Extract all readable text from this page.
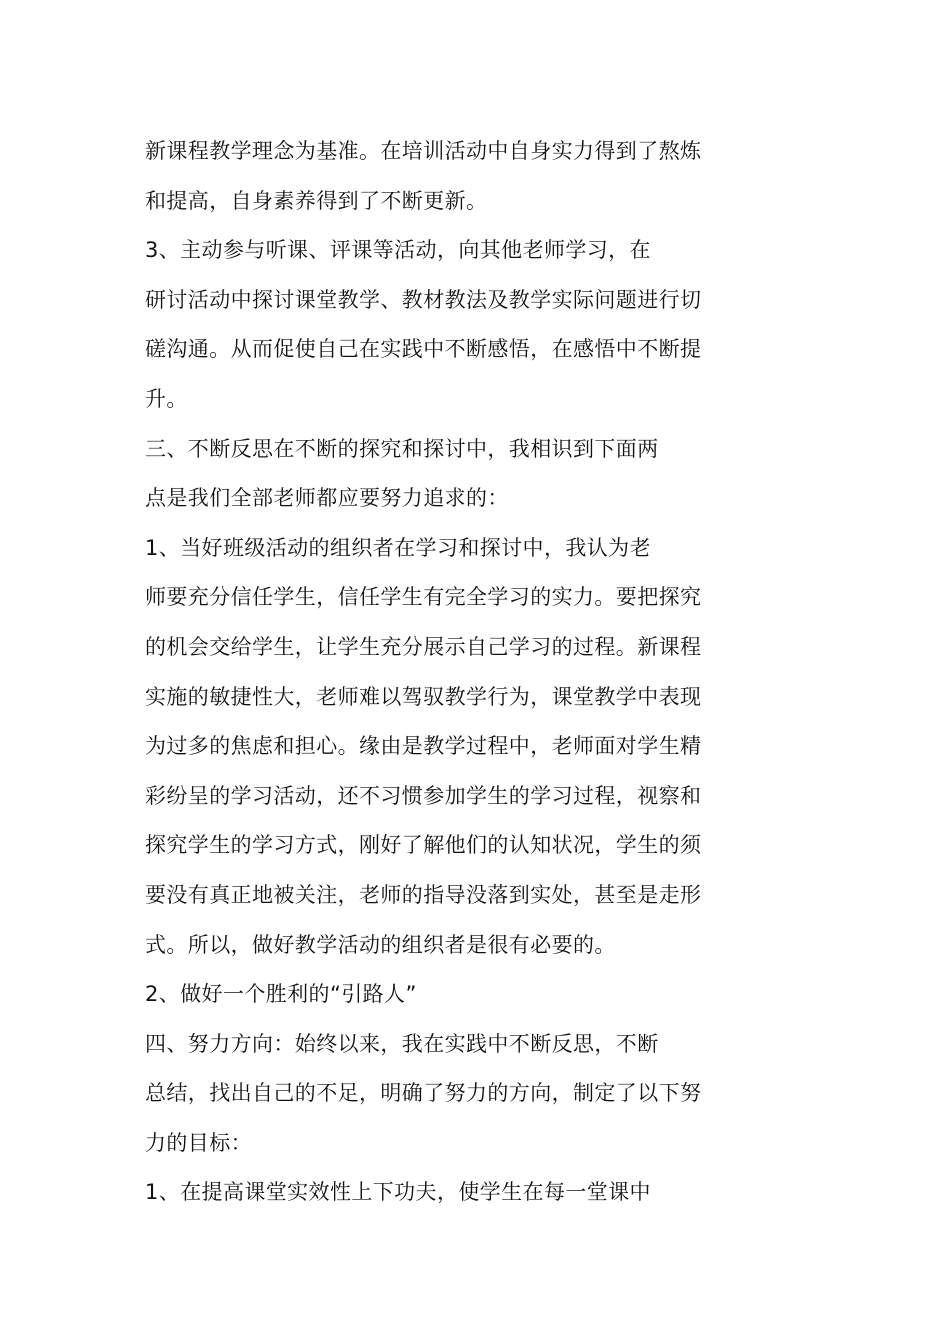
新课程教学理念为基准。在培训活动中自身实力得到了熬炼
和提高，自身素养得到了不断更新。
3、主动参与听课、评课等活动，向其他老师学习，在
研讨活动中探讨课堂教学、教材教法及教学实际问题进行切
磋沟通。从而促使自己在实践中不断感悟，在感悟中不断提
升。
三、不断反思在不断的探究和探讨中，我相识到下面两
点是我们全部老师都应要努力追求的：
1、当好班级活动的组织者在学习和探讨中，我认为老
师要充分信任学生，信任学生有完全学习的实力。要把探究
的机会交给学生，让学生充分展示自己学习的过程。新课程
实施的敏捷性大，老师难以驾驭教学行为，课堂教学中表现
为过多的焦虑和担心。缘由是教学过程中，老师面对学生精
彩纷呈的学习活动，还不习惯参加学生的学习过程，视察和
探究学生的学习方式，刚好了解他们的认知状况，学生的须
要没有真正地被关注，老师的指导没落到实处，甚至是走形
式。所以，做好教学活动的组织者是很有必要的。
2、做好一个胜利的“引路人”
四、努力方向：始终以来，我在实践中不断反思，不断
总结，找出自己的不足，明确了努力的方向，制定了以下努
力的目标：
1、在提高课堂实效性上下功夫，使学生在每一堂课中
